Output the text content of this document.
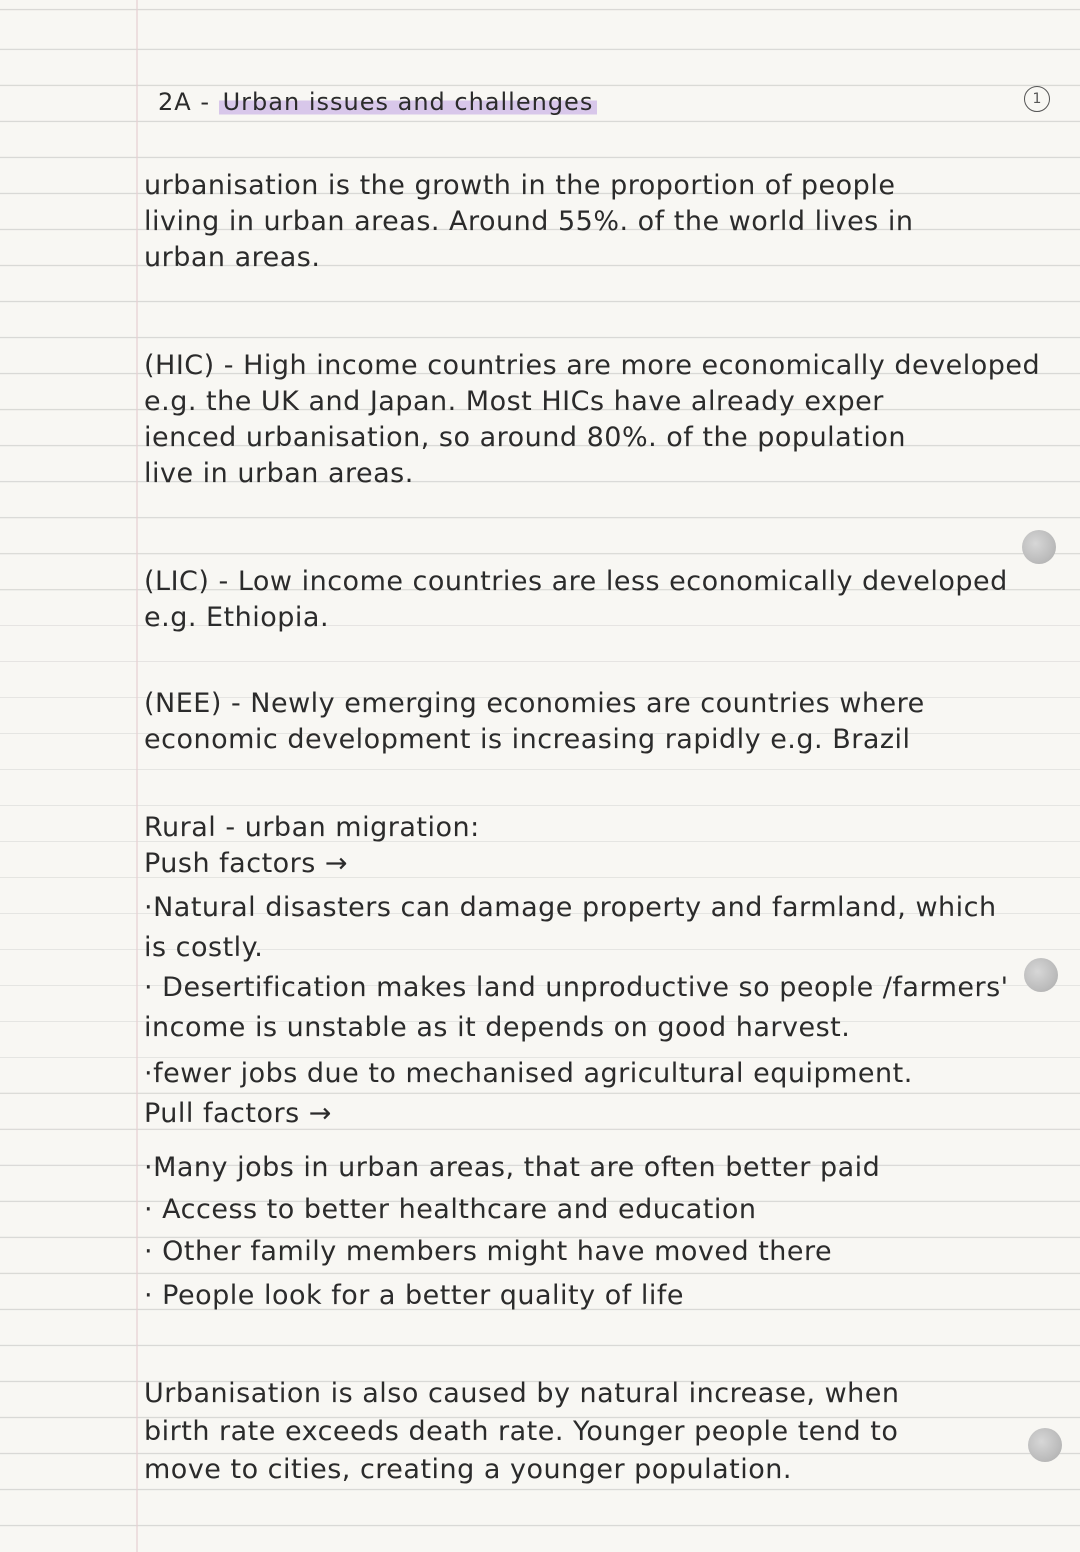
2A - Urban issues and challenges	1
urbanisation is the growth in the proportion of people
living in urban areas. Around 55%. of the world lives in
urban areas.
(HIC) - High income countries are more economically developed
e.g. the UK and Japan. Most HICs have already exper
ienced urbanisation, so around 80%. of the population
live in urban areas.
(LIC) - Low income countries are less economically developed
e.g. Ethiopia.
(NEE) - Newly emerging economies are countries where
economic development is increasing rapidly e.g. Brazil
Rural - urban migration:
Push factors →
·Natural disasters can damage property and farmland, which
is costly.
· Desertification makes land unproductive so people /farmers'
income is unstable as it depends on good harvest.
·fewer jobs due to mechanised agricultural equipment.
Pull factors →
·Many jobs in urban areas, that are often better paid
· Access to better healthcare and education
· Other family members might have moved there
· People look for a better quality of life
Urbanisation is also caused by natural increase, when
birth rate exceeds death rate. Younger people tend to
move to cities, creating a younger population.
